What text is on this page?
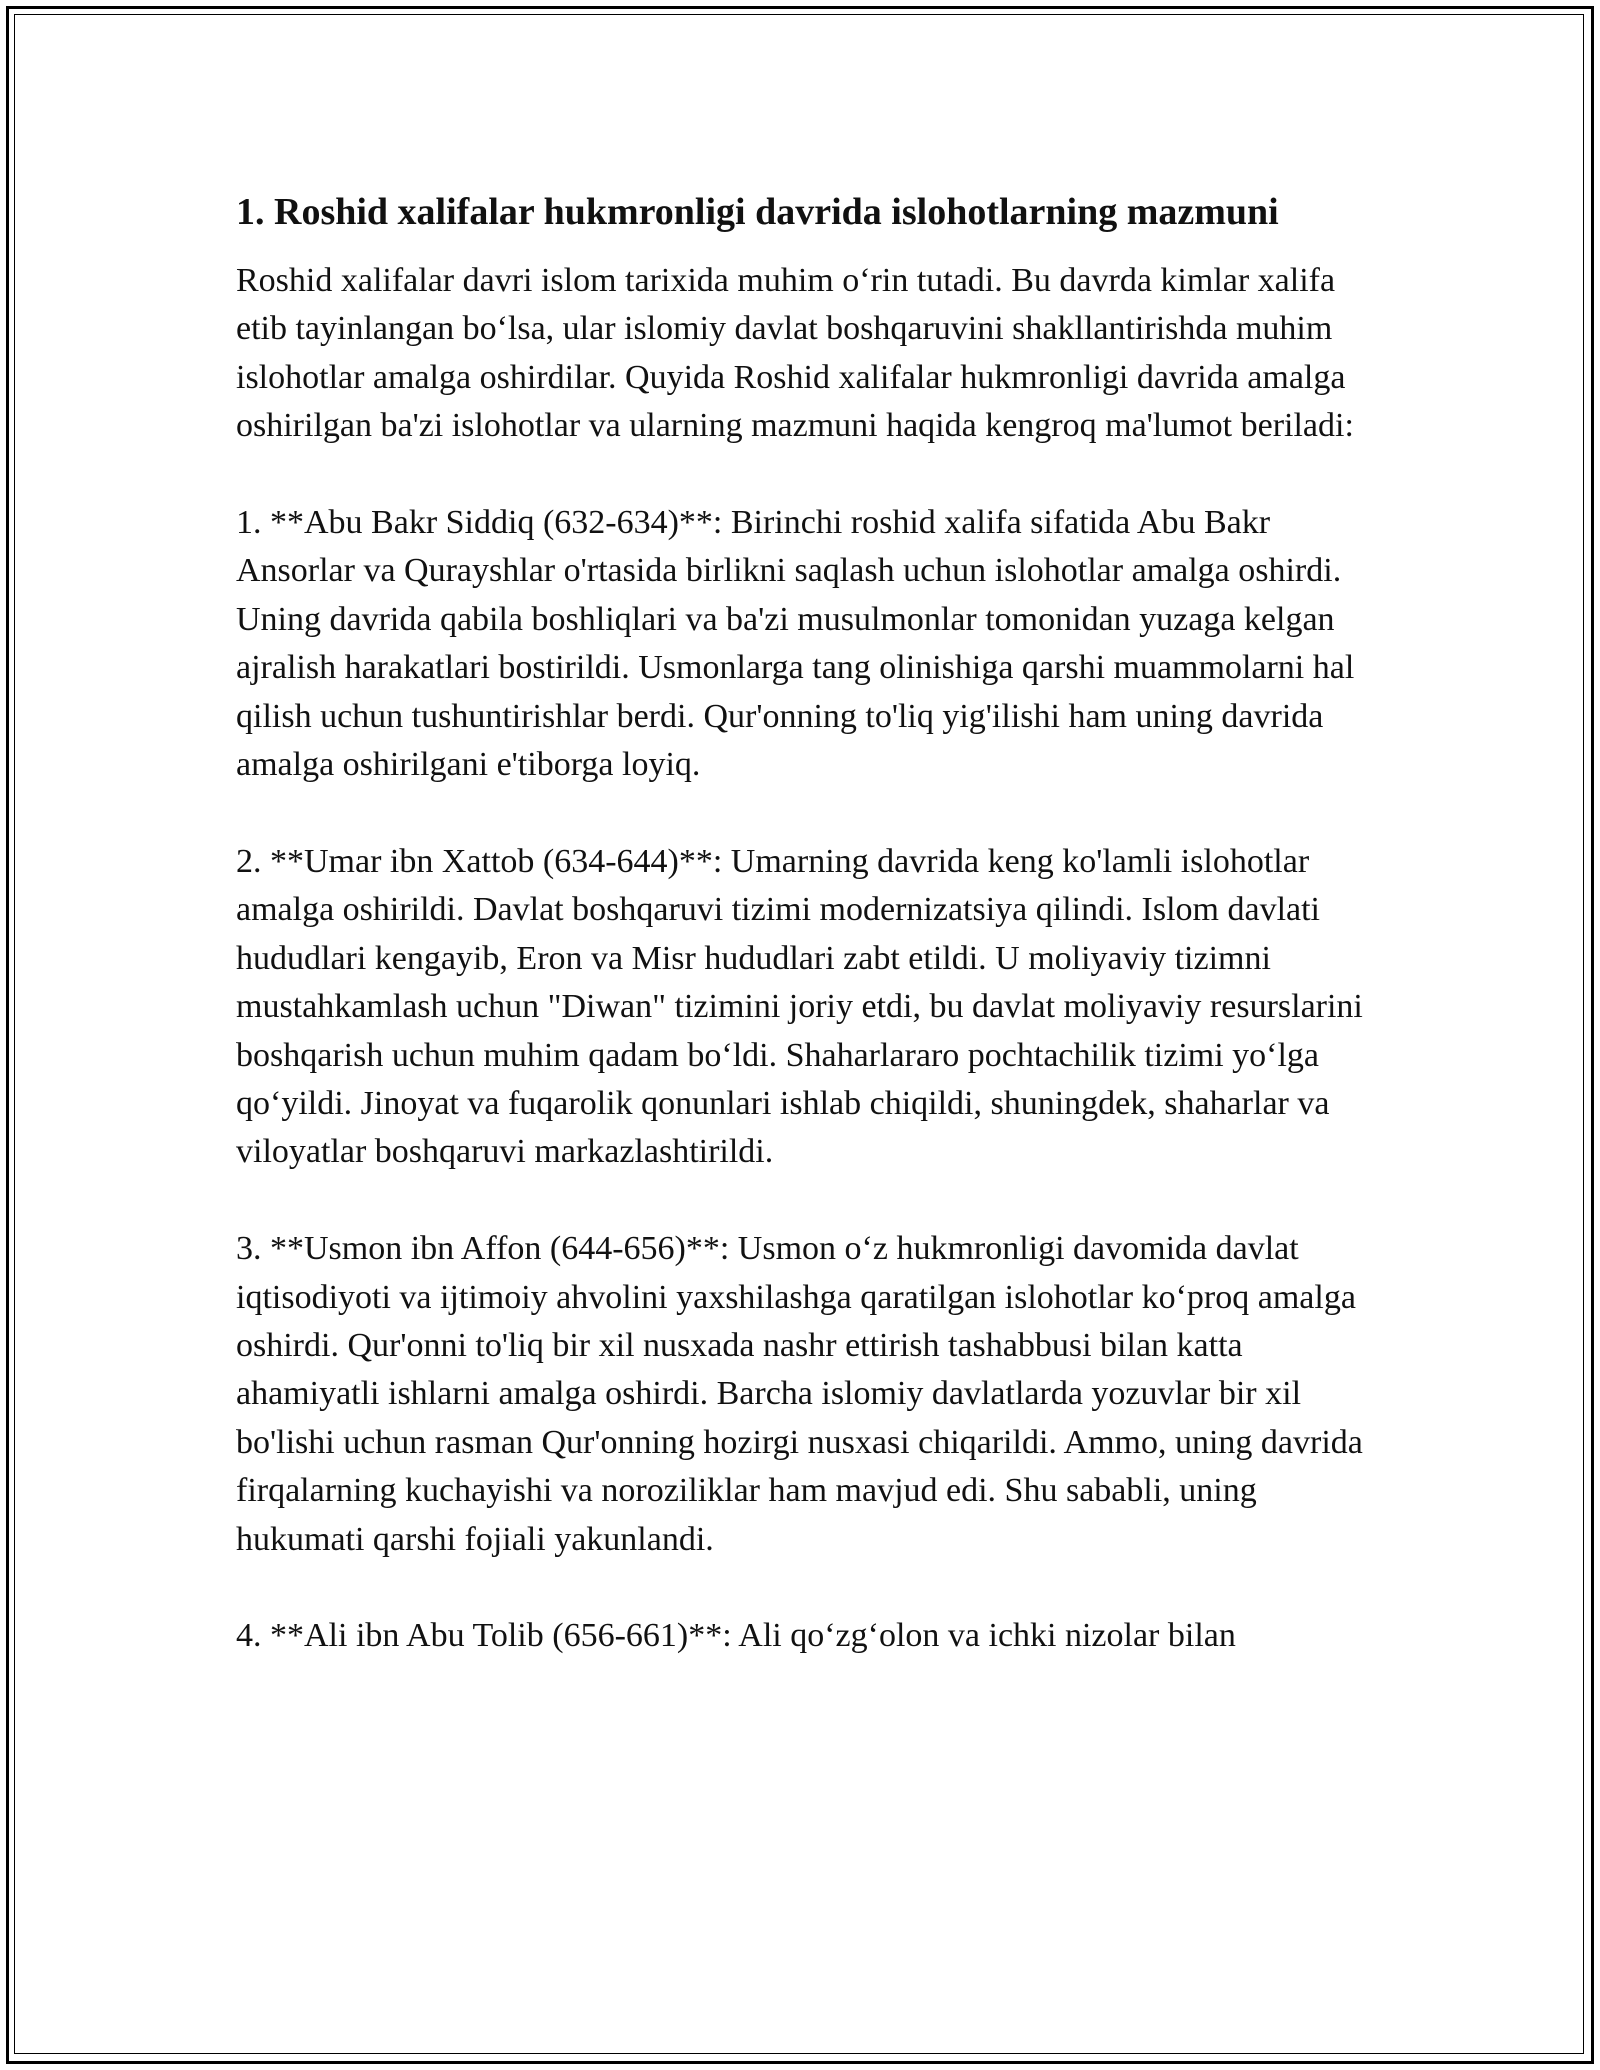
1. Roshid xalifalar hukmronligi davrida islohotlarning mazmuni

Roshid xalifalar davri islom tarixida muhim o‘rin tutadi. Bu davrda kimlar xalifa etib tayinlangan bo‘lsa, ular islomiy davlat boshqaruvini shakllantirishda muhim islohotlar amalga oshirdilar. Quyida Roshid xalifalar hukmronligi davrida amalga oshirilgan ba'zi islohotlar va ularning mazmuni haqida kengroq ma'lumot beriladi:

1. **Abu Bakr Siddiq (632-634)**: Birinchi roshid xalifa sifatida Abu Bakr Ansorlar va Qurayshlar o'rtasida birlikni saqlash uchun islohotlar amalga oshirdi. Uning davrida qabila boshliqlari va ba'zi musulmonlar tomonidan yuzaga kelgan ajralish harakatlari bostirildi. Usmonlarga tang olinishiga qarshi muammolarni hal qilish uchun tushuntirishlar berdi. Qur'onning to'liq yig'ilishi ham uning davrida amalga oshirilgani e'tiborga loyiq.

2. **Umar ibn Xattob (634-644)**: Umarning davrida keng ko'lamli islohotlar amalga oshirildi. Davlat boshqaruvi tizimi modernizatsiya qilindi. Islom davlati hududlari kengayib, Eron va Misr hududlari zabt etildi. U moliyaviy tizimni mustahkamlash uchun "Diwan" tizimini joriy etdi, bu davlat moliyaviy resurslarini boshqarish uchun muhim qadam bo‘ldi. Shaharlararo pochtachilik tizimi yo‘lga qo‘yildi. Jinoyat va fuqarolik qonunlari ishlab chiqildi, shuningdek, shaharlar va viloyatlar boshqaruvi markazlashtirildi.

3. **Usmon ibn Affon (644-656)**: Usmon o‘z hukmronligi davomida davlat iqtisodiyoti va ijtimoiy ahvolini yaxshilashga qaratilgan islohotlar ko‘proq amalga oshirdi. Qur'onni to'liq bir xil nusxada nashr ettirish tashabbusi bilan katta ahamiyatli ishlarni amalga oshirdi. Barcha islomiy davlatlarda yozuvlar bir xil bo'lishi uchun rasman Qur'onning hozirgi nusxasi chiqarildi. Ammo, uning davrida firqalarning kuchayishi va noroziliklar ham mavjud edi. Shu sababli, uning hukumati qarshi fojiali yakunlandi.

4. **Ali ibn Abu Tolib (656-661)**: Ali qo‘zg‘olon va ichki nizolar bilan
